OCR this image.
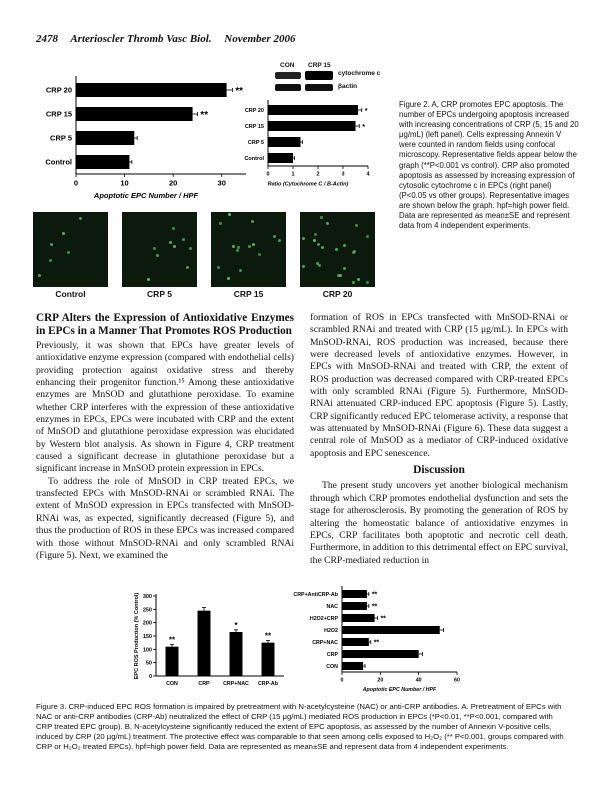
2478 Arterioscler Thromb Vasc Biol. November 2006
CRP 20	**
CRP 15	**
CRP 5
Control
0	10	20	30
Apoptotic EPC Number / HPF
CON CRP 15
cytochrome c
βactin
CRP 20	*
CRP 15	*
CRP 5
Control
0	1	2	3	4
Ratio (Cytochrome C / B-Actin)
Figure 2. A, CRP promotes EPC apoptosis. The number of EPCs undergoing apoptosis increased with increasing concentrations of CRP (5, 15 and 20 μg/mL) (left panel). Cells expressing Annexin V were counted in random fields using confocal microscopy. Representative fields appear below the graph (**P<0.001 vs control). CRP also promoted apoptosis as assessed by increasing expression of cytosolic cytochrome c in EPCs (right panel) (P<0.05 vs other groups). Representative images are shown below the graph. hpf=high power field. Data are represented as mean±SE and represent data from 4 independent experiments.
Control	CRP 5	CRP 15	CRP 20
CRP Alters the Expression of Antioxidative Enzymes in EPCs in a Manner That Promotes ROS Production

Previously, it was shown that EPCs have greater levels of antioxidative enzyme expression (compared with endothelial cells) providing protection against oxidative stress and thereby enhancing their progenitor function.¹⁵ Among these antioxidative enzymes are MnSOD and glutathione peroxidase. To examine whether CRP interferes with the expression of these antioxidative enzymes in EPCs, EPCs were incubated with CRP and the extent of MnSOD and glutathione peroxidase expression was elucidated by Western blot analysis. As shown in Figure 4, CRP treatment caused a significant decrease in glutathione peroxidase but a significant increase in MnSOD protein expression in EPCs.

To address the role of MnSOD in CRP treated EPCs, we transfected EPCs with MnSOD-RNAi or scrambled RNAi. The extent of MnSOD expression in EPCs transfected with MnSOD-RNAi was, as expected, significantly decreased (Figure 5), and thus the production of ROS in these EPCs was increased compared with those without MnSOD-RNAi and only scrambled RNAi (Figure 5). Next, we examined the

formation of ROS in EPCs transfected with MnSOD-RNAi or scrambled RNAi and treated with CRP (15 μg/mL). In EPCs with MnSOD-RNAi, ROS production was increased, because there were decreased levels of antioxidative enzymes. However, in EPCs with MnSOD-RNAi and treated with CRP, the extent of ROS production was decreased compared with CRP-treated EPCs with only scrambled RNAi (Figure 5). Furthermore, MnSOD-RNAi attenuated CRP-induced EPC apoptosis (Figure 5). Lastly, CRP significantly reduced EPC telomerase activity, a response that was attenuated by MnSOD-RNAi (Figure 6). These data suggest a central role of MnSOD as a mediator of CRP-induced oxidative apoptosis and EPC senescence.

Discussion

The present study uncovers yet another biological mechanism through which CRP promotes endothelial dysfunction and sets the stage for atherosclerosis. By promoting the generation of ROS by altering the homeostatic balance of antioxidative enzymes in EPCs, CRP facilitates both apoptotic and necrotic cell death. Furthermore, in addition to this detrimental effect on EPC survival, the CRP-mediated reduction in

0
50
100
150
200
250
300
**
CON	CRP
*
CRP+NAC
**
CRP-Ab
EPC ROS Production (% Control)	CRP+AntiCRP-Ab	**
NAC	**
H2O2+CRP	**
H2O2
CRP+NAC	**
CRP
CON
0	20	40	60
Apoptotic EPC Number / HPF
Figure 3. CRP-induced EPC ROS formation is impaired by pretreatment with N-acetylcysteine (NAC) or anti-CRP antibodies. A. Pretreatment of EPCs with NAC or anti-CRP antibodies (CRP-Ab) neutralized the effect of CRP (15 μg/mL) mediated ROS production in EPCs (*P<0.01, **P<0.001, compared with CRP treated EPC group). B, N-acetylcysteine significantly reduced the extent of EPC apoptosis, as assessed by the number of Annexin V-positive cells, induced by CRP (20 μg/mL) treatment. The protective effect was comparable to that seen among cells exposed to H₂O₂ (** P<0.001, groups compared with CRP or H₂O₂ treated EPCs). hpf=high power field. Data are represented as mean±SE and represent data from 4 independent experiments.
